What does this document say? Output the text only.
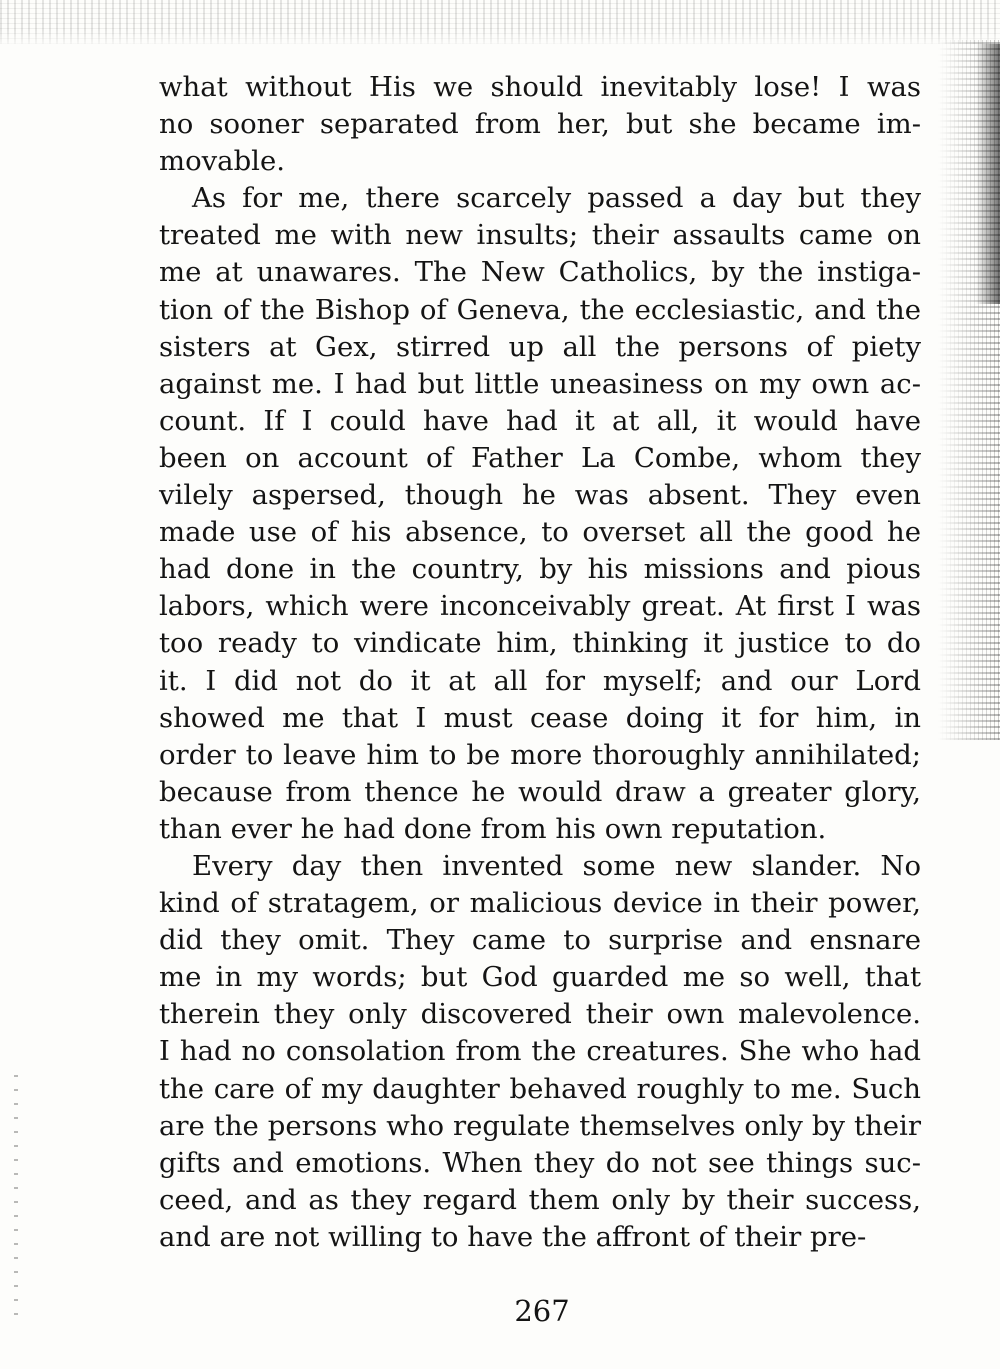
what without His we should inevitably lose! I was
no sooner separated from her, but she became im-
movable.
As for me, there scarcely passed a day but they
treated me with new insults; their assaults came on
me at unawares. The New Catholics, by the instiga-
tion of the Bishop of Geneva, the ecclesiastic, and the
sisters at Gex, stirred up all the persons of piety
against me. I had but little uneasiness on my own ac-
count. If I could have had it at all, it would have
been on account of Father La Combe, whom they
vilely aspersed, though he was absent. They even
made use of his absence, to overset all the good he
had done in the country, by his missions and pious
labors, which were inconceivably great. At first I was
too ready to vindicate him, thinking it justice to do
it. I did not do it at all for myself; and our Lord
showed me that I must cease doing it for him, in
order to leave him to be more thoroughly annihilated;
because from thence he would draw a greater glory,
than ever he had done from his own reputation.
Every day then invented some new slander. No
kind of stratagem, or malicious device in their power,
did they omit. They came to surprise and ensnare
me in my words; but God guarded me so well, that
therein they only discovered their own malevolence.
I had no consolation from the creatures. She who had
the care of my daughter behaved roughly to me. Such
are the persons who regulate themselves only by their
gifts and emotions. When they do not see things suc-
ceed, and as they regard them only by their success,
and are not willing to have the affront of their pre-
267
